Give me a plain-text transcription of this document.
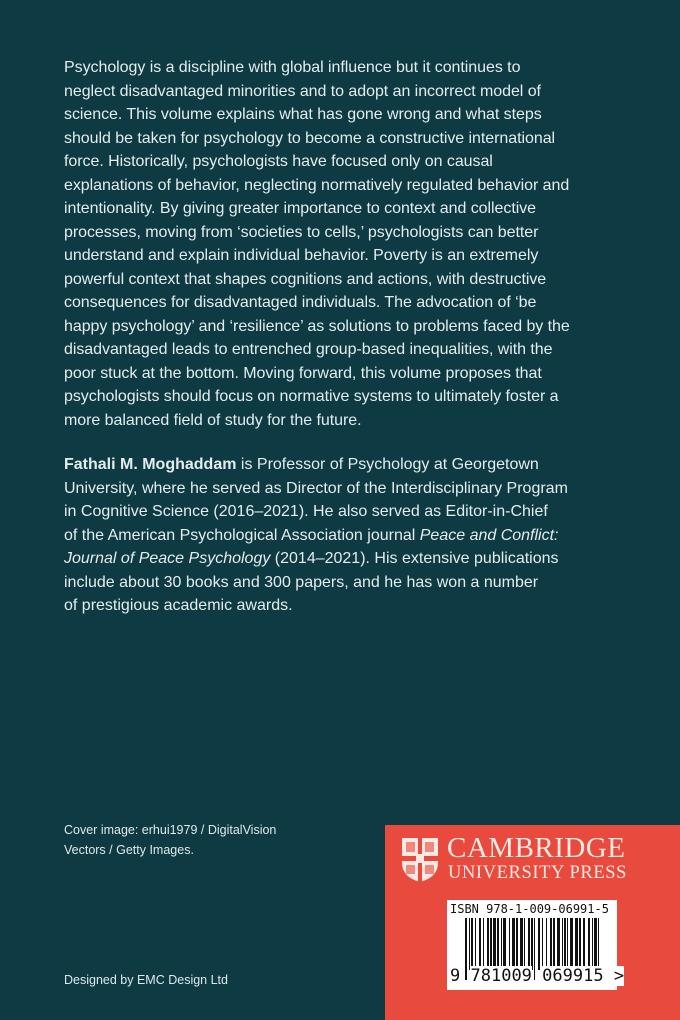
Psychology is a discipline with global influence but it continues to
neglect disadvantaged minorities and to adopt an incorrect model of
science. This volume explains what has gone wrong and what steps
should be taken for psychology to become a constructive international
force. Historically, psychologists have focused only on causal
explanations of behavior, neglecting normatively regulated behavior and
intentionality. By giving greater importance to context and collective
processes, moving from ‘societies to cells,’ psychologists can better
understand and explain individual behavior. Poverty is an extremely
powerful context that shapes cognitions and actions, with destructive
consequences for disadvantaged individuals. The advocation of ‘be
happy psychology’ and ‘resilience’ as solutions to problems faced by the
disadvantaged leads to entrenched group-based inequalities, with the
poor stuck at the bottom. Moving forward, this volume proposes that
psychologists should focus on normative systems to ultimately foster a
more balanced field of study for the future.
Fathali M. Moghaddam is Professor of Psychology at Georgetown
University, where he served as Director of the Interdisciplinary Program
in Cognitive Science (2016–2021). He also served as Editor-in-Chief
of the American Psychological Association journal Peace and Conflict:
Journal of Peace Psychology (2014–2021). His extensive publications
include about 30 books and 300 papers, and he has won a number
of prestigious academic awards.
Cover image: erhui1979 / DigitalVision
Vectors / Getty Images.
Designed by EMC Design Ltd
CAMBRIDGE
UNIVERSITY PRESS
ISBN 978-1-009-06991-5
9 781009 069915 >
